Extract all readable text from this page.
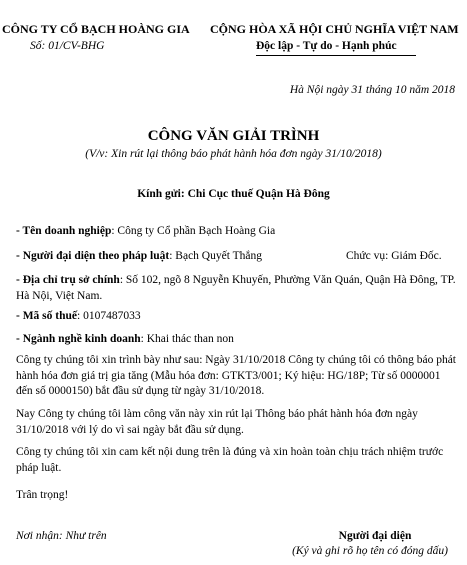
CÔNG TY CỔ BẠCH HOÀNG GIA
Số: 01/CV-BHG
CỘNG HÒA XÃ HỘI CHỦ NGHĨA VIỆT NAM
Độc lập - Tự do - Hạnh phúc
Hà Nội ngày 31 tháng 10 năm 2018
CÔNG VĂN GIẢI TRÌNH
(V/v: Xin rút lại thông báo phát hành hóa đơn ngày 31/10/2018)
Kính gửi: Chi Cục thuế Quận Hà Đông
- Tên doanh nghiệp: Công ty Cổ phần Bạch Hoàng Gia
- Người đại diện theo pháp luật: Bạch Quyết Thắng	Chức vụ: Giám Đốc.
- Địa chỉ trụ sở chính: Số 102, ngõ 8 Nguyễn Khuyến, Phường Văn Quán, Quận Hà Đông, TP. Hà Nội, Việt Nam.
- Mã số thuế: 0107487033
- Ngành nghề kinh doanh: Khai thác than non
Công ty chúng tôi xin trình bày như sau: Ngày 31/10/2018 Công ty chúng tôi có thông báo phát hành hóa đơn giá trị gia tăng (Mẫu hóa đơn: GTKT3/001; Ký hiệu: HG/18P; Từ số 0000001 đến số 0000150) bắt đầu sử dụng từ ngày 31/10/2018.
Nay Công ty chúng tôi làm công văn này xin rút lại Thông báo phát hành hóa đơn ngày 31/10/2018 với lý do vì sai ngày bắt đầu sử dụng.
Công ty chúng tôi xin cam kết nội dung trên là đúng và xin hoàn toàn chịu trách nhiệm trước pháp luật.
Trân trọng!
Nơi nhận: Như trên	Người đại diện
(Ký và ghi rõ họ tên có đóng dấu)
